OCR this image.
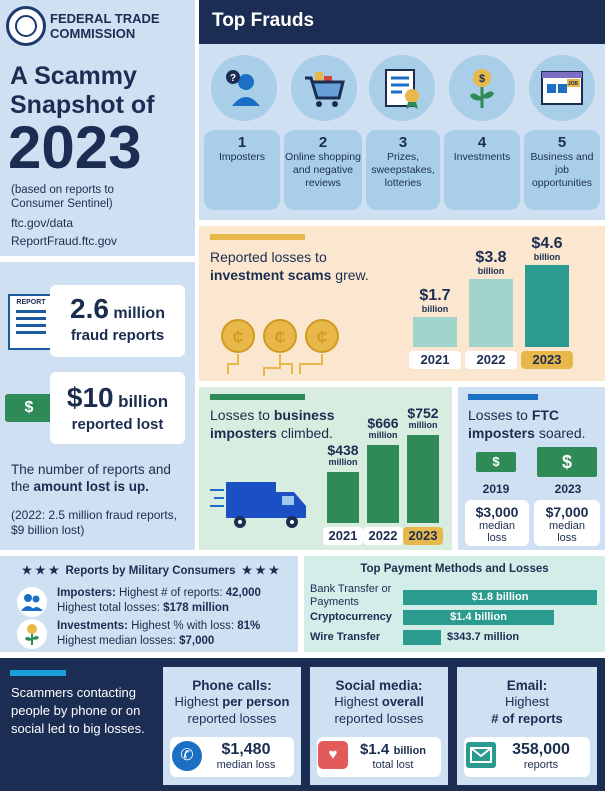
FEDERAL TRADE
COMMISSION
A Scammy
Snapshot of
2023
(based on reports to Consumer Sentinel)
ftc.gov/data
ReportFraud.ftc.gov
REPORT 2.6 million
fraud reports
$	$10 billion
reported lost
The number of reports and the amount lost is up.
(2022: 2.5 million fraud reports, $9 billion lost)
Top Frauds
?	$	JOB
1
Imposters
2
Online shopping and negative reviews
3
Prizes, sweepstakes, lotteries
4
Investments
5
Business and job opportunities
Reported losses to investment scams grew.
₵ ₵ ₵
Losses to business imposters climbed.
Losses to FTC imposters soared.
$	$
2019	2023
$3,000
median
loss
$7,000
median
loss
★ ★ ★ Reports by Military Consumers ★ ★ ★
Imposters: Highest # of reports: 42,000
Highest total losses: $178 million
Investments: Highest % with loss: 81%
Highest median losses: $7,000
Top Payment Methods and Losses
Scammers contacting people by phone or on social led to big losses.
Phone calls:
Highest per person
reported losses
$1,480
median loss
✆
Social media:
Highest overall
reported losses
$1.4 billion
total lost
♥
Email:
Highest
# of reports
358,000
reports
$1.7
billion
2021
$3.8
billion
2022
$4.6
billion
2023
$438
million
2021
$666
million
2022
$752
million
2023
Bank Transfer or Payments	$1.8 billion
Cryptocurrency	$1.4 billion
Wire Transfer	$343.7 million
